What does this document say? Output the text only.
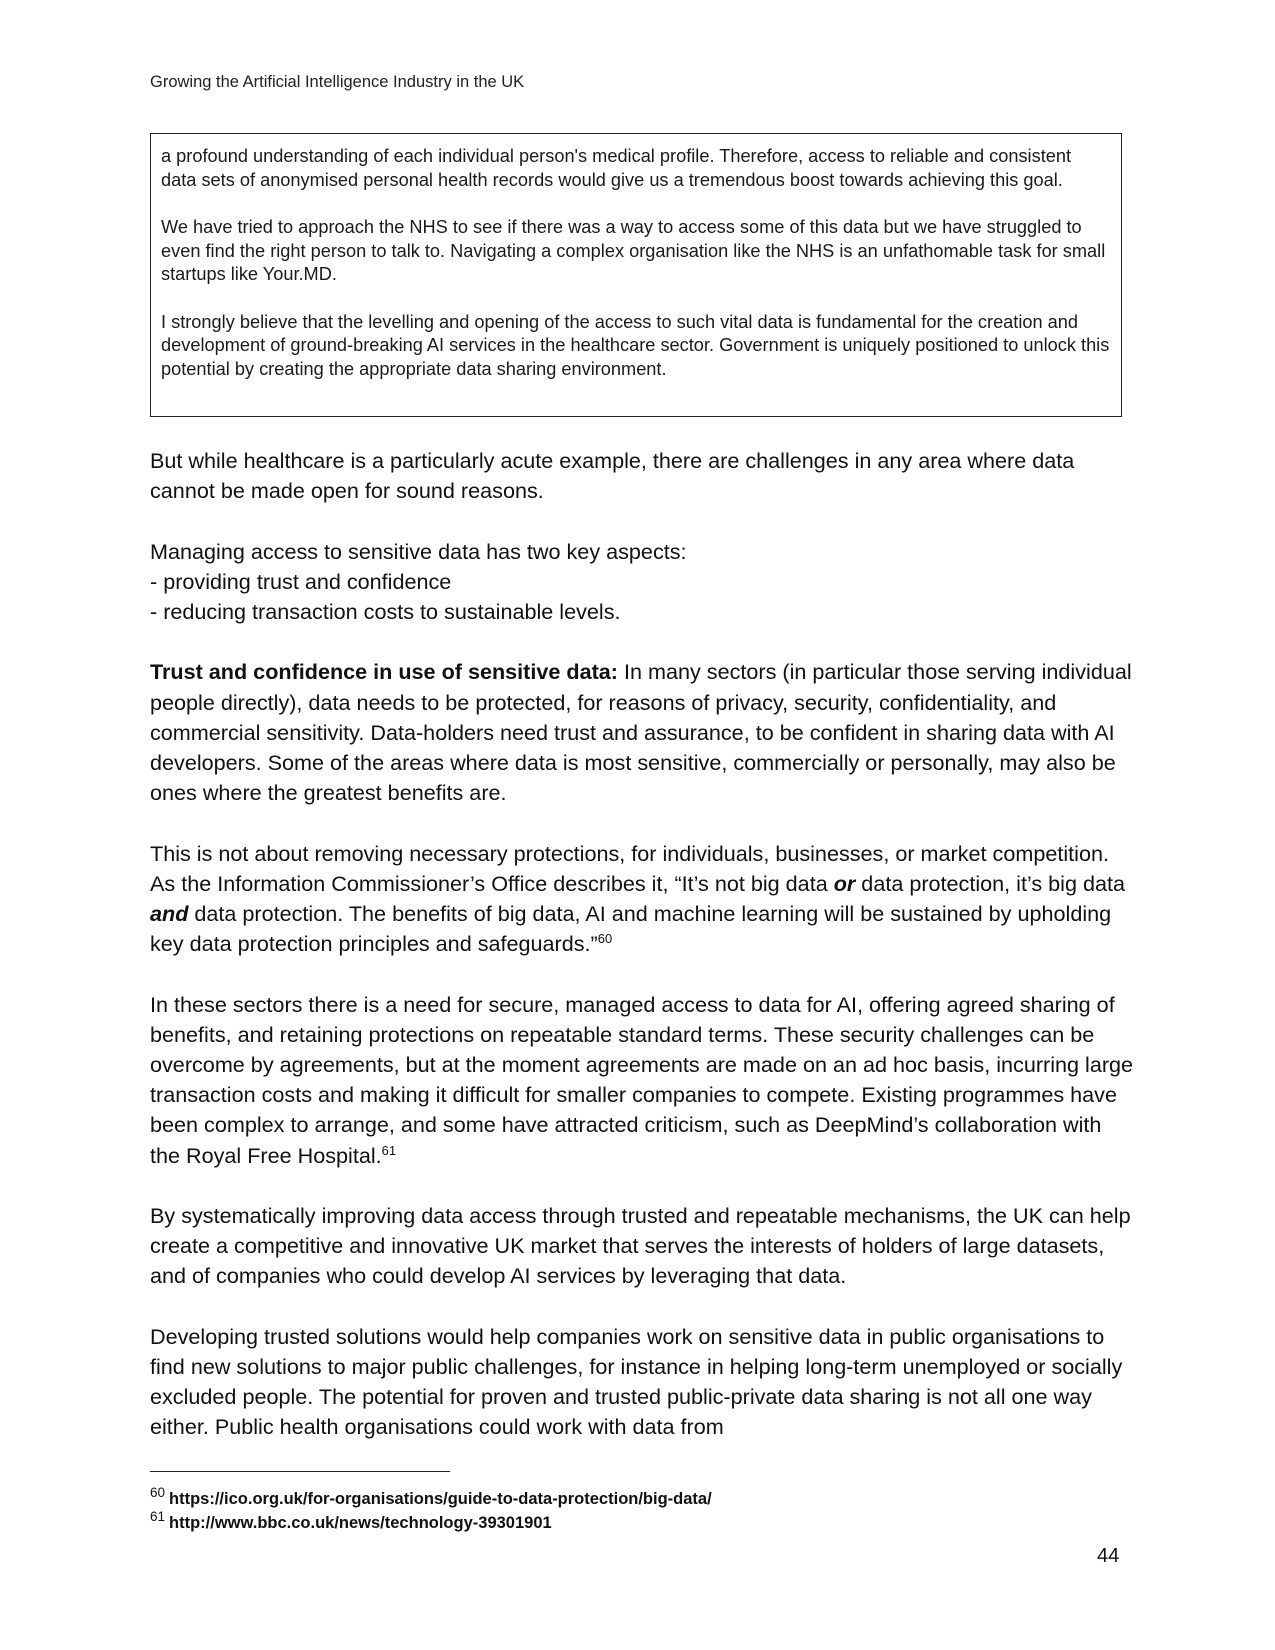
Growing the Artificial Intelligence Industry in the UK

a profound understanding of each individual person's medical profile. Therefore, access to reliable and consistent data sets of anonymised personal health records would give us a tremendous boost towards achieving this goal.

We have tried to approach the NHS to see if there was a way to access some of this data but we have struggled to even find the right person to talk to. Navigating a complex organisation like the NHS is an unfathomable task for small startups like Your.MD.

I strongly believe that the levelling and opening of the access to such vital data is fundamental for the creation and development of ground-breaking AI services in the healthcare sector. Government is uniquely positioned to unlock this potential by creating the appropriate data sharing environment.

But while healthcare is a particularly acute example, there are challenges in any area where data cannot be made open for sound reasons.

Managing access to sensitive data has two key aspects:
- providing trust and confidence
- reducing transaction costs to sustainable levels.

Trust and confidence in use of sensitive data: In many sectors (in particular those serving individual people directly), data needs to be protected, for reasons of privacy, security, confidentiality, and commercial sensitivity. Data-holders need trust and assurance, to be confident in sharing data with AI developers. Some of the areas where data is most sensitive, commercially or personally, may also be ones where the greatest benefits are.

This is not about removing necessary protections, for individuals, businesses, or market competition. As the Information Commissioner’s Office describes it, “It’s not big data or data protection, it’s big data and data protection. The benefits of big data, AI and machine learning will be sustained by upholding key data protection principles and safeguards.”$^{60}$

In these sectors there is a need for secure, managed access to data for AI, offering agreed sharing of benefits, and retaining protections on repeatable standard terms. These security challenges can be overcome by agreements, but at the moment agreements are made on an ad hoc basis, incurring large transaction costs and making it difficult for smaller companies to compete. Existing programmes have been complex to arrange, and some have attracted criticism, such as DeepMind’s collaboration with the Royal Free Hospital.$^{61}$

By systematically improving data access through trusted and repeatable mechanisms, the UK can help create a competitive and innovative UK market that serves the interests of holders of large datasets, and of companies who could develop AI services by leveraging that data.

Developing trusted solutions would help companies work on sensitive data in public organisations to find new solutions to major public challenges, for instance in helping long-term unemployed or socially excluded people. The potential for proven and trusted public-private data sharing is not all one way either. Public health organisations could work with data from

$^{60}$ https://ico.org.uk/for-organisations/guide-to-data-protection/big-data/
$^{61}$ http://www.bbc.co.uk/news/technology-39301901
44
